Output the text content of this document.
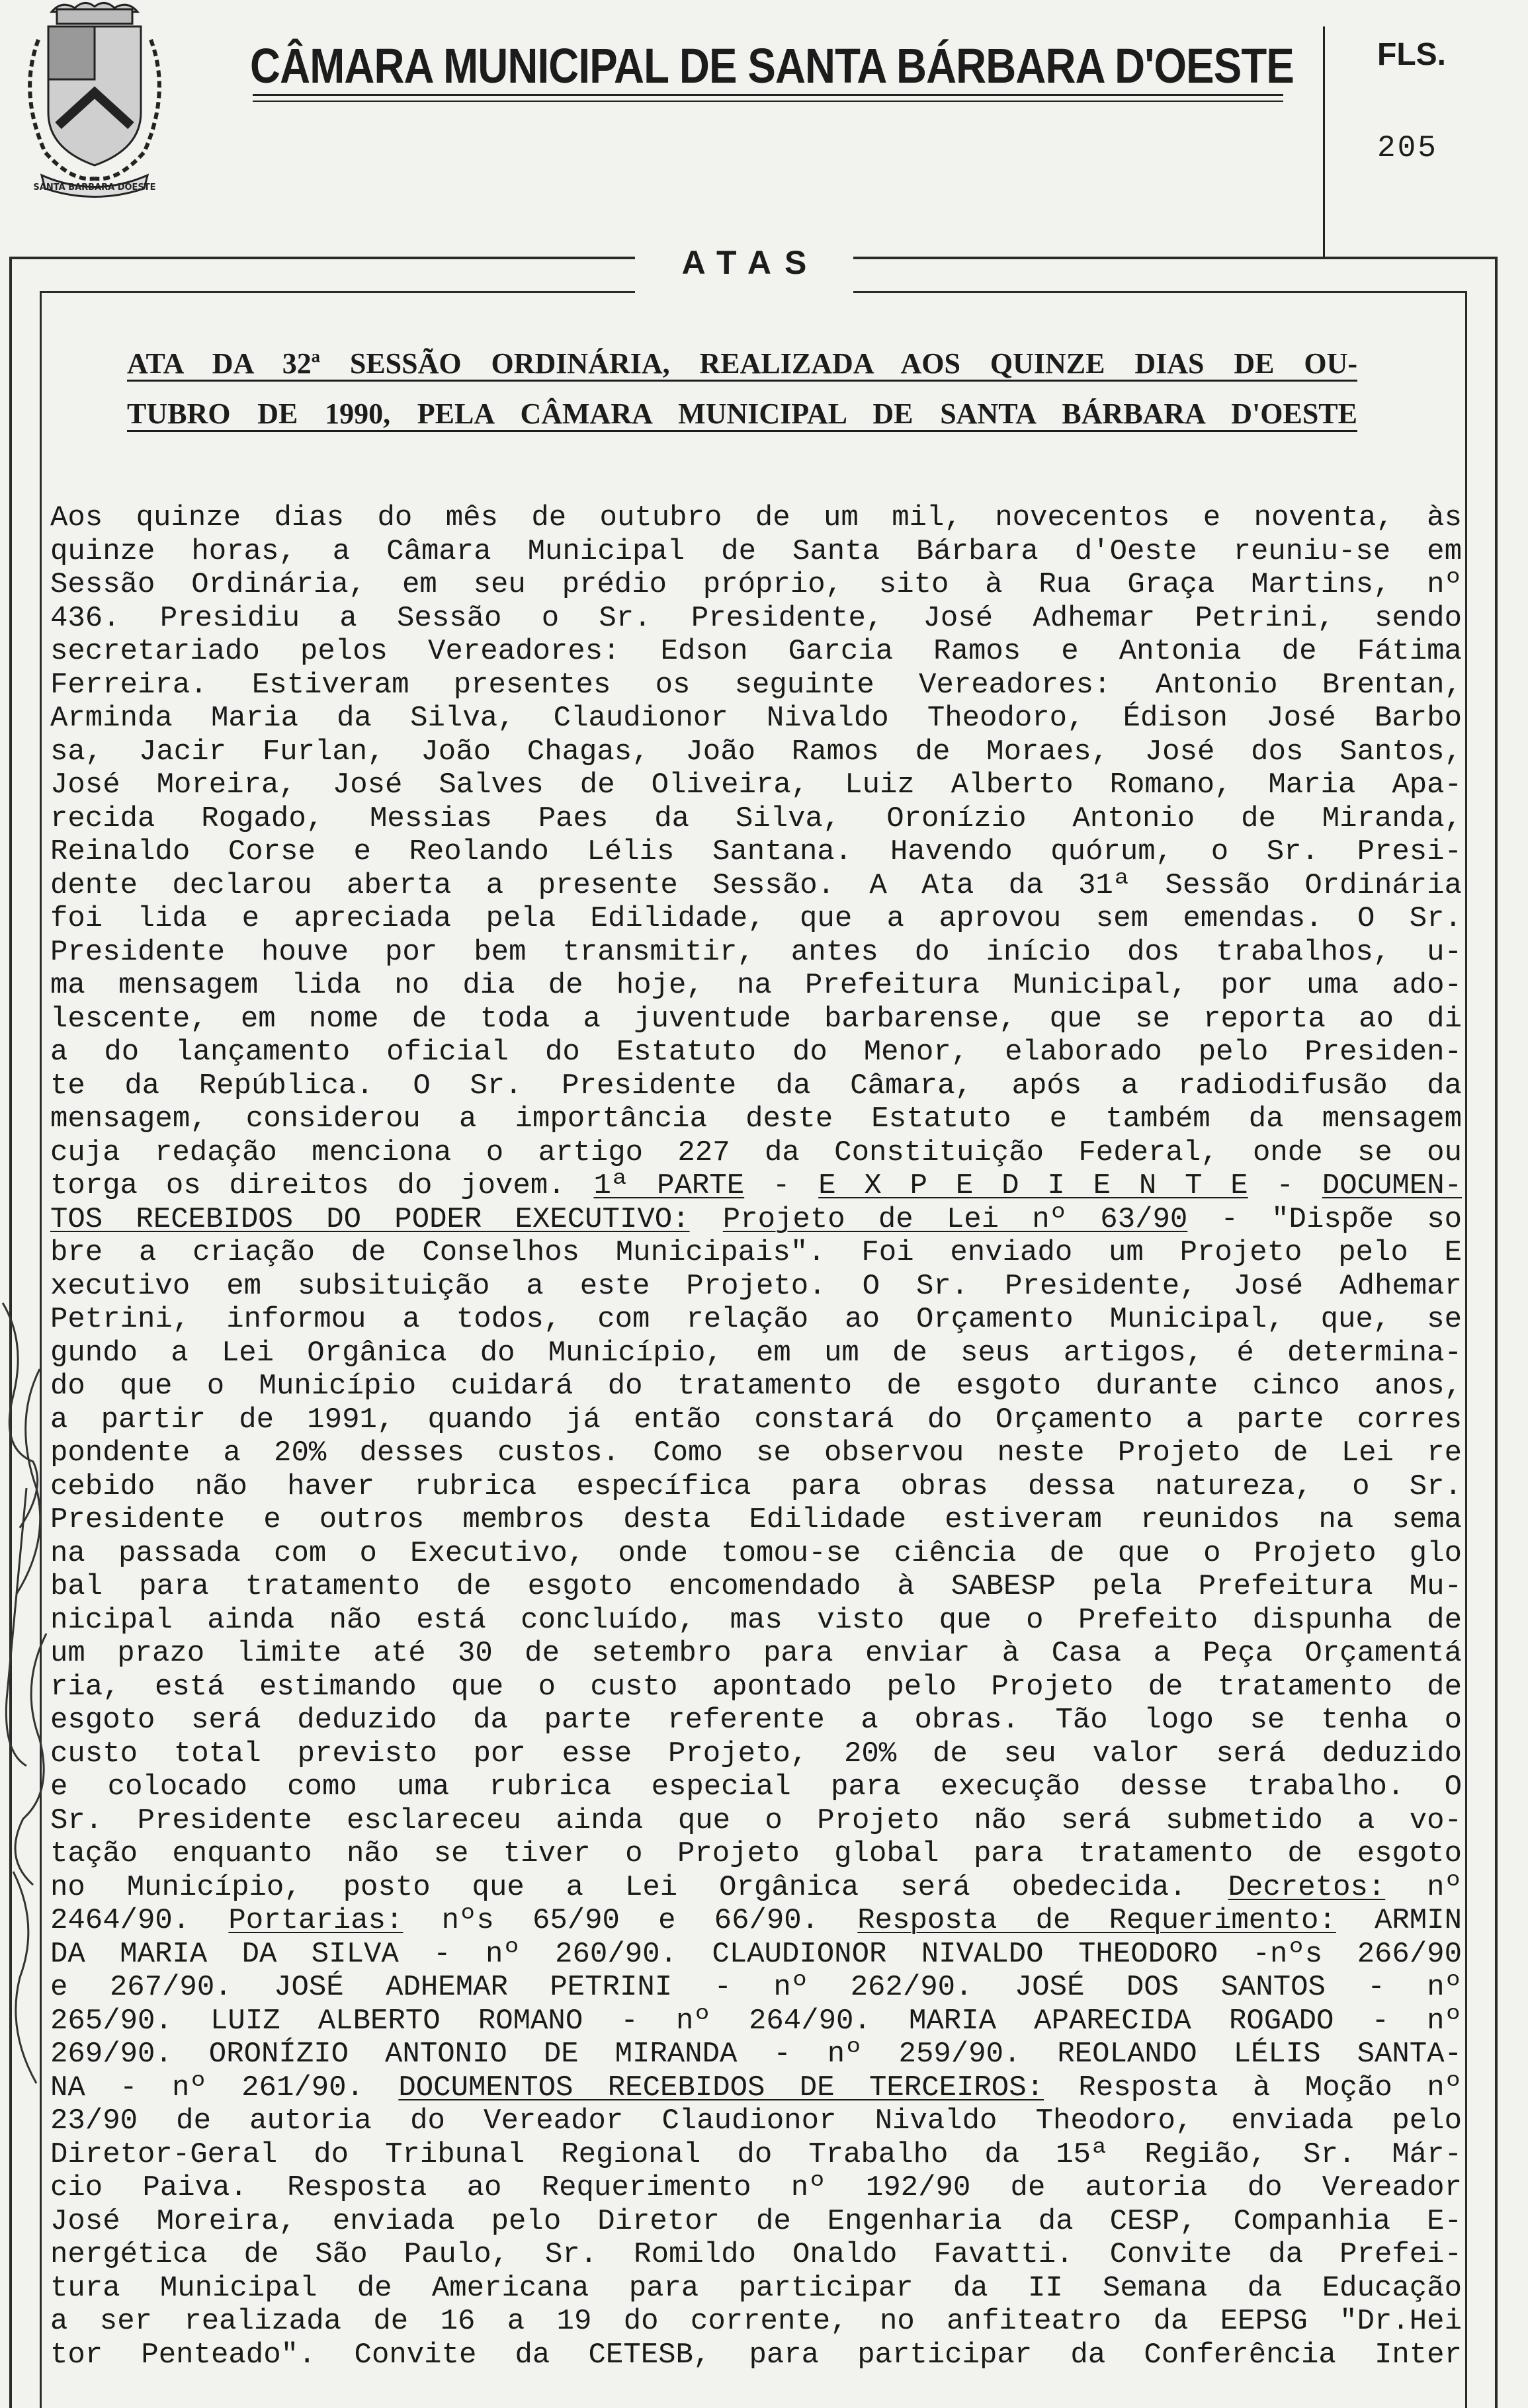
SANTA BARBARA DOESTE
CÂMARA MUNICIPAL DE SANTA BÁRBARA D'OESTE	FLS.
205
ATAS
ATA DA 32ª SESSÃO ORDINÁRIA, REALIZADA AOS QUINZE DIAS DE OU-
TUBRO DE 1990, PELA CÂMARA MUNICIPAL DE SANTA BÁRBARA D'OESTE
Aos quinze dias do mês de outubro de um mil, novecentos e noventa, às
quinze horas, a Câmara Municipal de Santa Bárbara d'Oeste reuniu-se em
Sessão Ordinária, em seu prédio próprio, sito à Rua Graça Martins, nº
436. Presidiu a Sessão o Sr. Presidente, José Adhemar Petrini, sendo
secretariado pelos Vereadores: Edson Garcia Ramos e Antonia de Fátima
Ferreira. Estiveram presentes os seguinte Vereadores: Antonio Brentan,
Arminda Maria da Silva, Claudionor Nivaldo Theodoro, Édison José Barbo
sa, Jacir Furlan, João Chagas, João Ramos de Moraes, José dos Santos,
José Moreira, José Salves de Oliveira, Luiz Alberto Romano, Maria Apa-
recida Rogado, Messias Paes da Silva, Oronízio Antonio de Miranda,
Reinaldo Corse e Reolando Lélis Santana. Havendo quórum, o Sr. Presi-
dente declarou aberta a presente Sessão. A Ata da 31ª Sessão Ordinária
foi lida e apreciada pela Edilidade, que a aprovou sem emendas. O Sr.
Presidente houve por bem transmitir, antes do início dos trabalhos, u-
ma mensagem lida no dia de hoje, na Prefeitura Municipal, por uma ado-
lescente, em nome de toda a juventude barbarense, que se reporta ao di
a do lançamento oficial do Estatuto do Menor, elaborado pelo Presiden-
te da República. O Sr. Presidente da Câmara, após a radiodifusão da
mensagem, considerou a importância deste Estatuto e também da mensagem
cuja redação menciona o artigo 227 da Constituição Federal, onde se ou
torga os direitos do jovem. 1ª PARTE - E X P E D I E N T E - DOCUMEN-
TOS RECEBIDOS DO PODER EXECUTIVO: Projeto de Lei nº 63/90 - "Dispõe so
bre a criação de Conselhos Municipais". Foi enviado um Projeto pelo E
xecutivo em subsituição a este Projeto. O Sr. Presidente, José Adhemar
Petrini, informou a todos, com relação ao Orçamento Municipal, que, se
gundo a Lei Orgânica do Município, em um de seus artigos, é determina-
do que o Município cuidará do tratamento de esgoto durante cinco anos,
a partir de 1991, quando já então constará do Orçamento a parte corres
pondente a 20% desses custos. Como se observou neste Projeto de Lei re
cebido não haver rubrica específica para obras dessa natureza, o Sr.
Presidente e outros membros desta Edilidade estiveram reunidos na sema
na passada com o Executivo, onde tomou-se ciência de que o Projeto glo
bal para tratamento de esgoto encomendado à SABESP pela Prefeitura Mu-
nicipal ainda não está concluído, mas visto que o Prefeito dispunha de
um prazo limite até 30 de setembro para enviar à Casa a Peça Orçamentá
ria, está estimando que o custo apontado pelo Projeto de tratamento de
esgoto será deduzido da parte referente a obras. Tão logo se tenha o
custo total previsto por esse Projeto, 20% de seu valor será deduzido
e colocado como uma rubrica especial para execução desse trabalho. O
Sr. Presidente esclareceu ainda que o Projeto não será submetido a vo-
tação enquanto não se tiver o Projeto global para tratamento de esgoto
no Município, posto que a Lei Orgânica será obedecida. Decretos: nº
2464/90. Portarias: nºs 65/90 e 66/90. Resposta de Requerimento: ARMIN
DA MARIA DA SILVA - nº 260/90. CLAUDIONOR NIVALDO THEODORO -nºs 266/90
e 267/90. JOSÉ ADHEMAR PETRINI - nº 262/90. JOSÉ DOS SANTOS - nº
265/90. LUIZ ALBERTO ROMANO - nº 264/90. MARIA APARECIDA ROGADO - nº
269/90. ORONÍZIO ANTONIO DE MIRANDA - nº 259/90. REOLANDO LÉLIS SANTA-
NA - nº 261/90. DOCUMENTOS RECEBIDOS DE TERCEIROS: Resposta à Moção nº
23/90 de autoria do Vereador Claudionor Nivaldo Theodoro, enviada pelo
Diretor-Geral do Tribunal Regional do Trabalho da 15ª Região, Sr. Már-
cio Paiva. Resposta ao Requerimento nº 192/90 de autoria do Vereador
José Moreira, enviada pelo Diretor de Engenharia da CESP, Companhia E-
nergética de São Paulo, Sr. Romildo Onaldo Favatti. Convite da Prefei-
tura Municipal de Americana para participar da II Semana da Educação
a ser realizada de 16 a 19 do corrente, no anfiteatro da EEPSG "Dr.Hei
tor Penteado". Convite da CETESB, para participar da Conferência Inter
